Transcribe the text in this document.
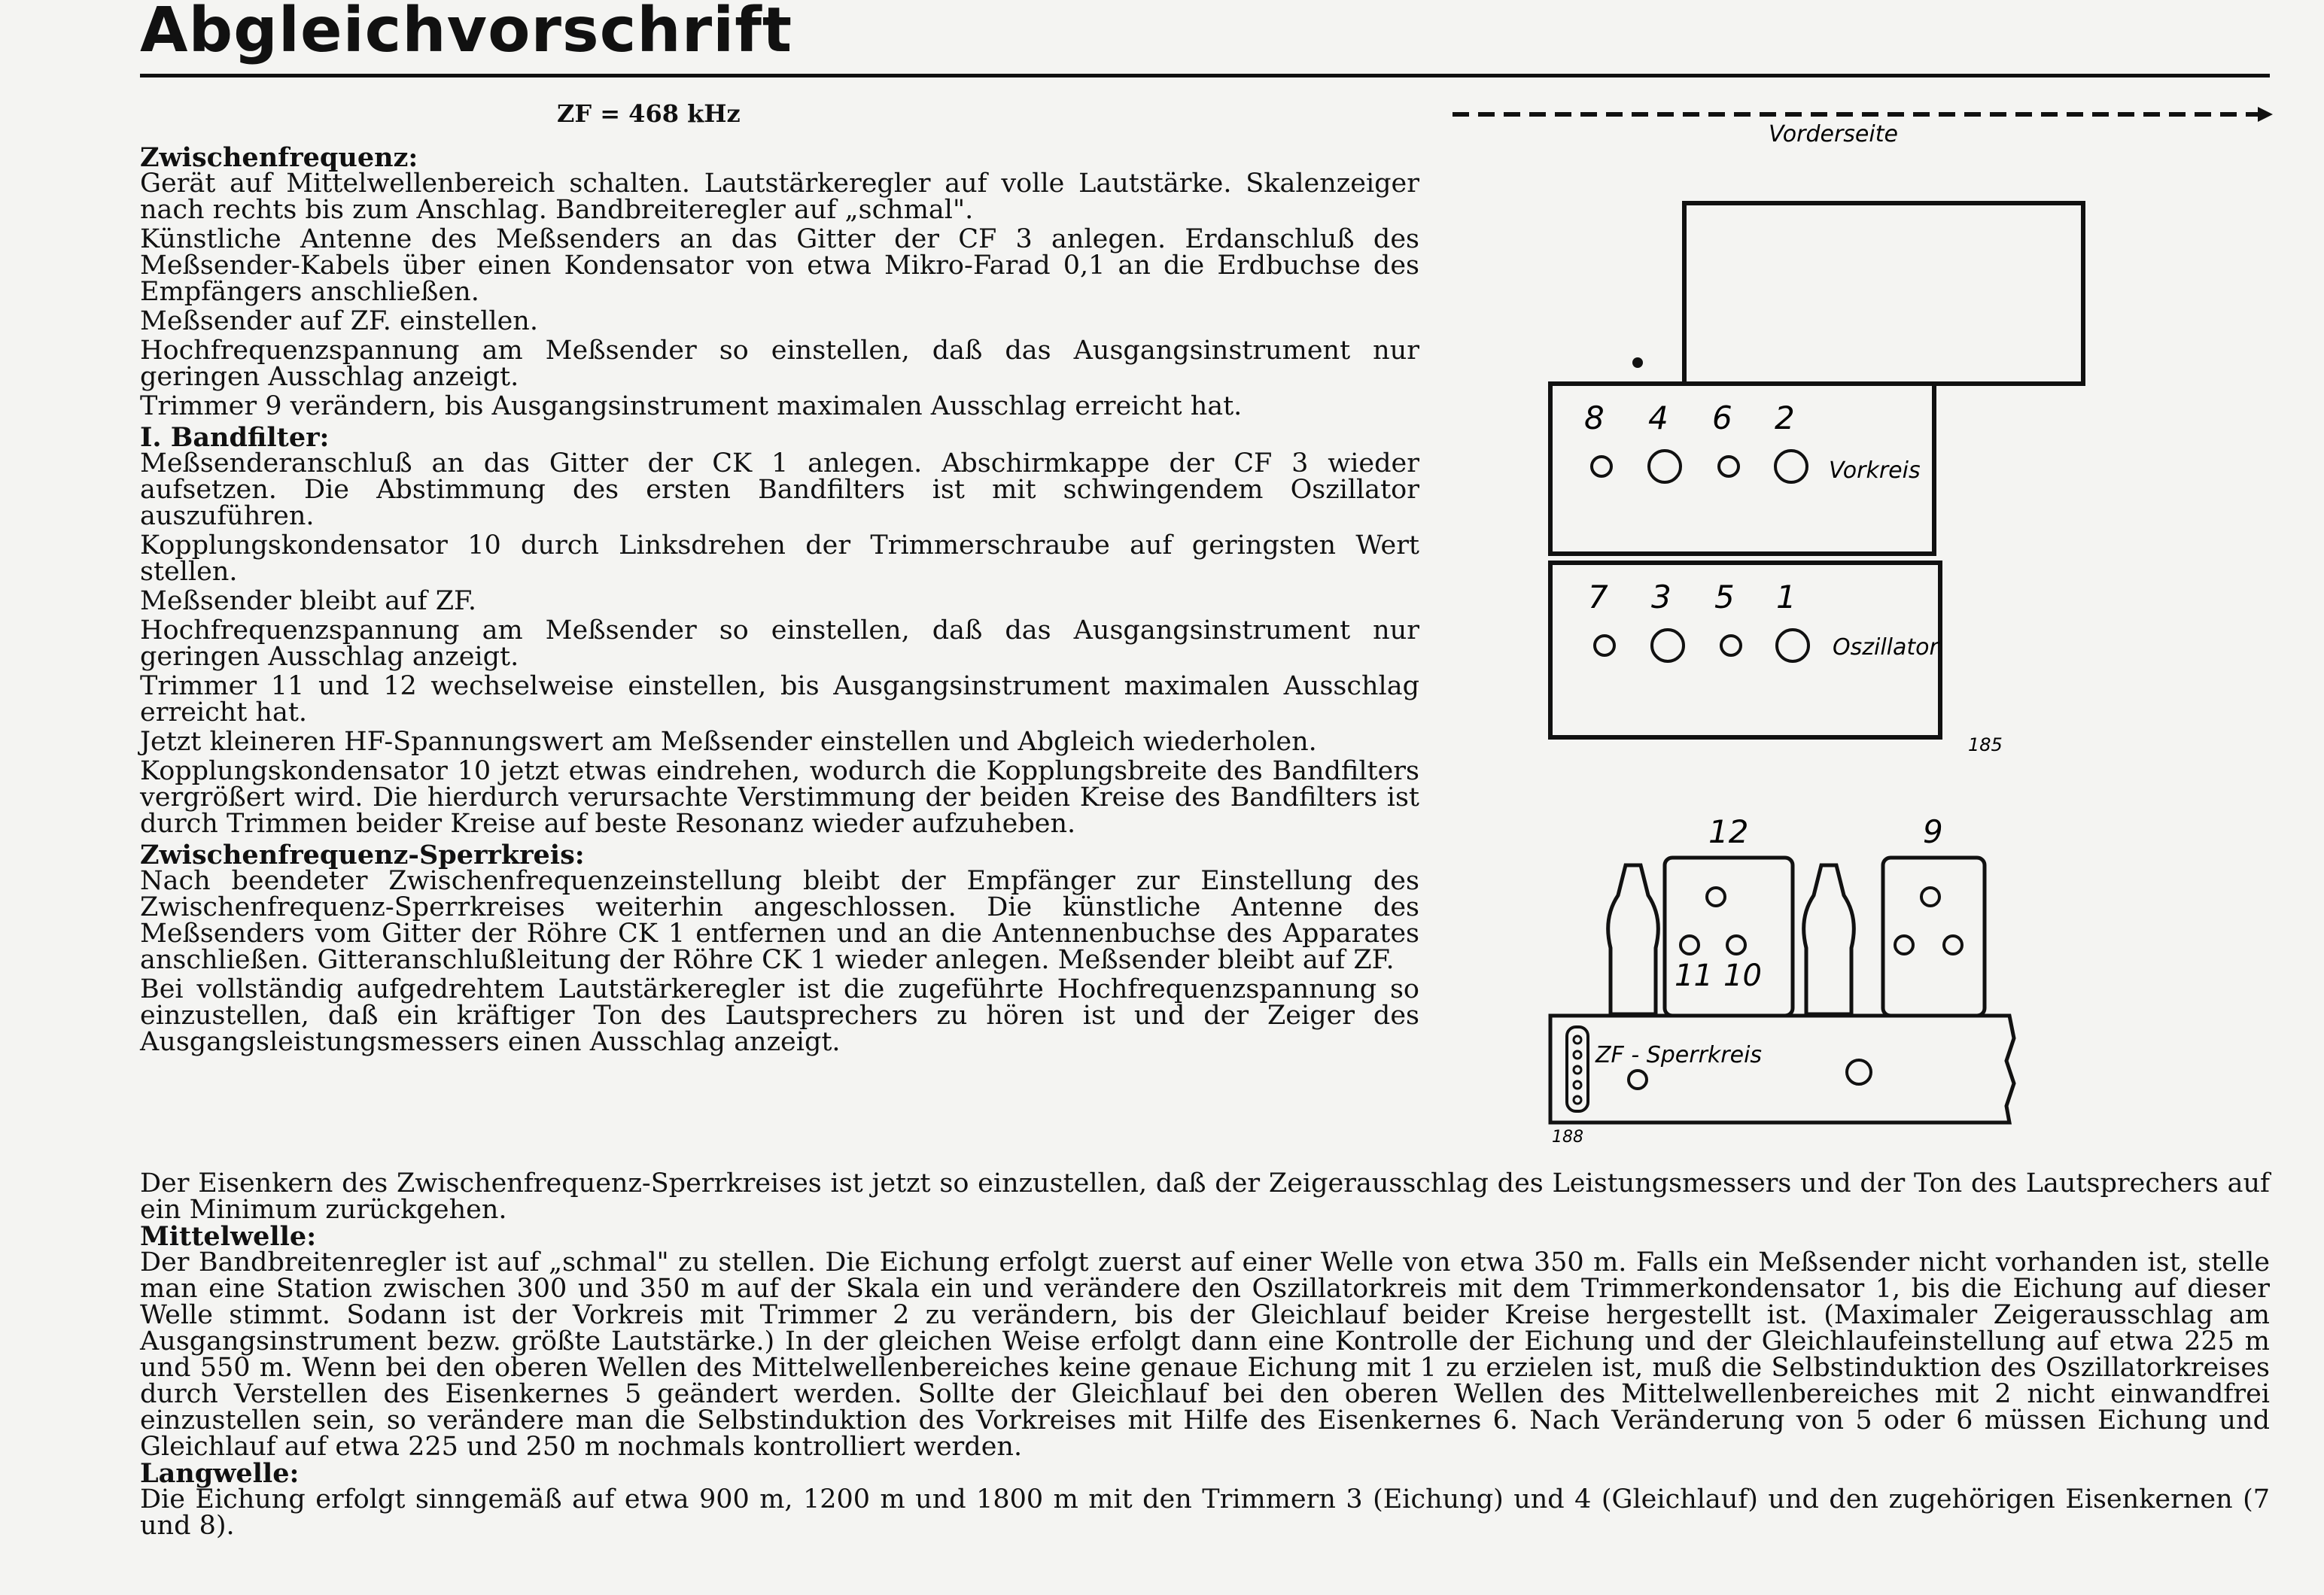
Abgleichvorschrift
ZF = 468 kHz
Zwischenfrequenz:

Gerät auf Mittelwellenbereich schalten. Lautstärkeregler auf volle Lautstärke. Skalenzeiger nach rechts bis zum Anschlag. Bandbreiteregler auf „schmal".

Künstliche Antenne des Meßsenders an das Gitter der CF 3 anlegen. Erdanschluß des Meßsender-Kabels über einen Kondensator von etwa Mikro-Farad 0,1 an die Erdbuchse des Empfängers anschließen.

Meßsender auf ZF. einstellen.

Hochfrequenzspannung am Meßsender so einstellen, daß das Ausgangsinstrument nur geringen Ausschlag anzeigt.

Trimmer 9 verändern, bis Ausgangsinstrument maximalen Ausschlag erreicht hat.

I. Bandfilter:

Meßsenderanschluß an das Gitter der CK 1 anlegen. Abschirmkappe der CF 3 wieder aufsetzen. Die Abstimmung des ersten Bandfilters ist mit schwingendem Oszillator auszuführen.

Kopplungskondensator 10 durch Linksdrehen der Trimmerschraube auf geringsten Wert stellen.

Meßsender bleibt auf ZF.

Hochfrequenzspannung am Meßsender so einstellen, daß das Ausgangsinstrument nur geringen Ausschlag anzeigt.

Trimmer 11 und 12 wechselweise einstellen, bis Ausgangsinstrument maximalen Ausschlag erreicht hat.

Jetzt kleineren HF-Spannungswert am Meßsender einstellen und Abgleich wiederholen.

Kopplungskondensator 10 jetzt etwas eindrehen, wodurch die Kopplungsbreite des Bandfilters vergrößert wird. Die hierdurch verursachte Verstimmung der beiden Kreise des Bandfilters ist durch Trimmen beider Kreise auf beste Resonanz wieder aufzuheben.

Zwischenfrequenz-Sperrkreis:

Nach beendeter Zwischenfrequenzeinstellung bleibt der Empfänger zur Einstellung des Zwischenfrequenz-Sperrkreises weiterhin angeschlossen. Die künstliche Antenne des Meßsenders vom Gitter der Röhre CK 1 entfernen und an die Antennenbuchse des Apparates anschließen. Gitteranschlußleitung der Röhre CK 1 wieder anlegen. Meßsender bleibt auf ZF.

Bei vollständig aufgedrehtem Lautstärkeregler ist die zugeführte Hochfrequenzspannung so einzustellen, daß ein kräftiger Ton des Lautsprechers zu hören ist und der Zeiger des Ausgangsleistungsmessers einen Ausschlag anzeigt.

Der Eisenkern des Zwischenfrequenz-Sperrkreises ist jetzt so einzustellen, daß der Zeigerausschlag des Leistungsmessers und der Ton des Lautsprechers auf ein Minimum zurückgehen.

Mittelwelle:

Der Bandbreitenregler ist auf „schmal" zu stellen. Die Eichung erfolgt zuerst auf einer Welle von etwa 350 m. Falls ein Meßsender nicht vorhanden ist, stelle man eine Station zwischen 300 und 350 m auf der Skala ein und verändere den Oszillatorkreis mit dem Trimmerkondensator 1, bis die Eichung auf dieser Welle stimmt. Sodann ist der Vorkreis mit Trimmer 2 zu verändern, bis der Gleichlauf beider Kreise hergestellt ist. (Maximaler Zeigerausschlag am Ausgangsinstrument bezw. größte Lautstärke.) In der gleichen Weise erfolgt dann eine Kontrolle der Eichung und der Gleichlaufeinstellung auf etwa 225 m und 550 m. Wenn bei den oberen Wellen des Mittelwellenbereiches keine genaue Eichung mit 1 zu erzielen ist, muß die Selbstinduktion des Oszillatorkreises durch Verstellen des Eisenkernes 5 geändert werden. Sollte der Gleichlauf bei den oberen Wellen des Mittelwellenbereiches mit 2 nicht einwandfrei einzustellen sein, so verändere man die Selbstinduktion des Vorkreises mit Hilfe des Eisenkernes 6. Nach Veränderung von 5 oder 6 müssen Eichung und Gleichlauf auf etwa 225 und 250 m nochmals kontrolliert werden.

Langwelle:

Die Eichung erfolgt sinngemäß auf etwa 900 m, 1200 m und 1800 m mit den Trimmern 3 (Eichung) und 4 (Gleichlauf) und den zugehörigen Eisenkernen (7 und 8).

Vorderseite
8 4 6 2
Vorkreis
7 3 5 1
Oszillator
185
12	9
11 10
ZF - Sperrkreis
188
